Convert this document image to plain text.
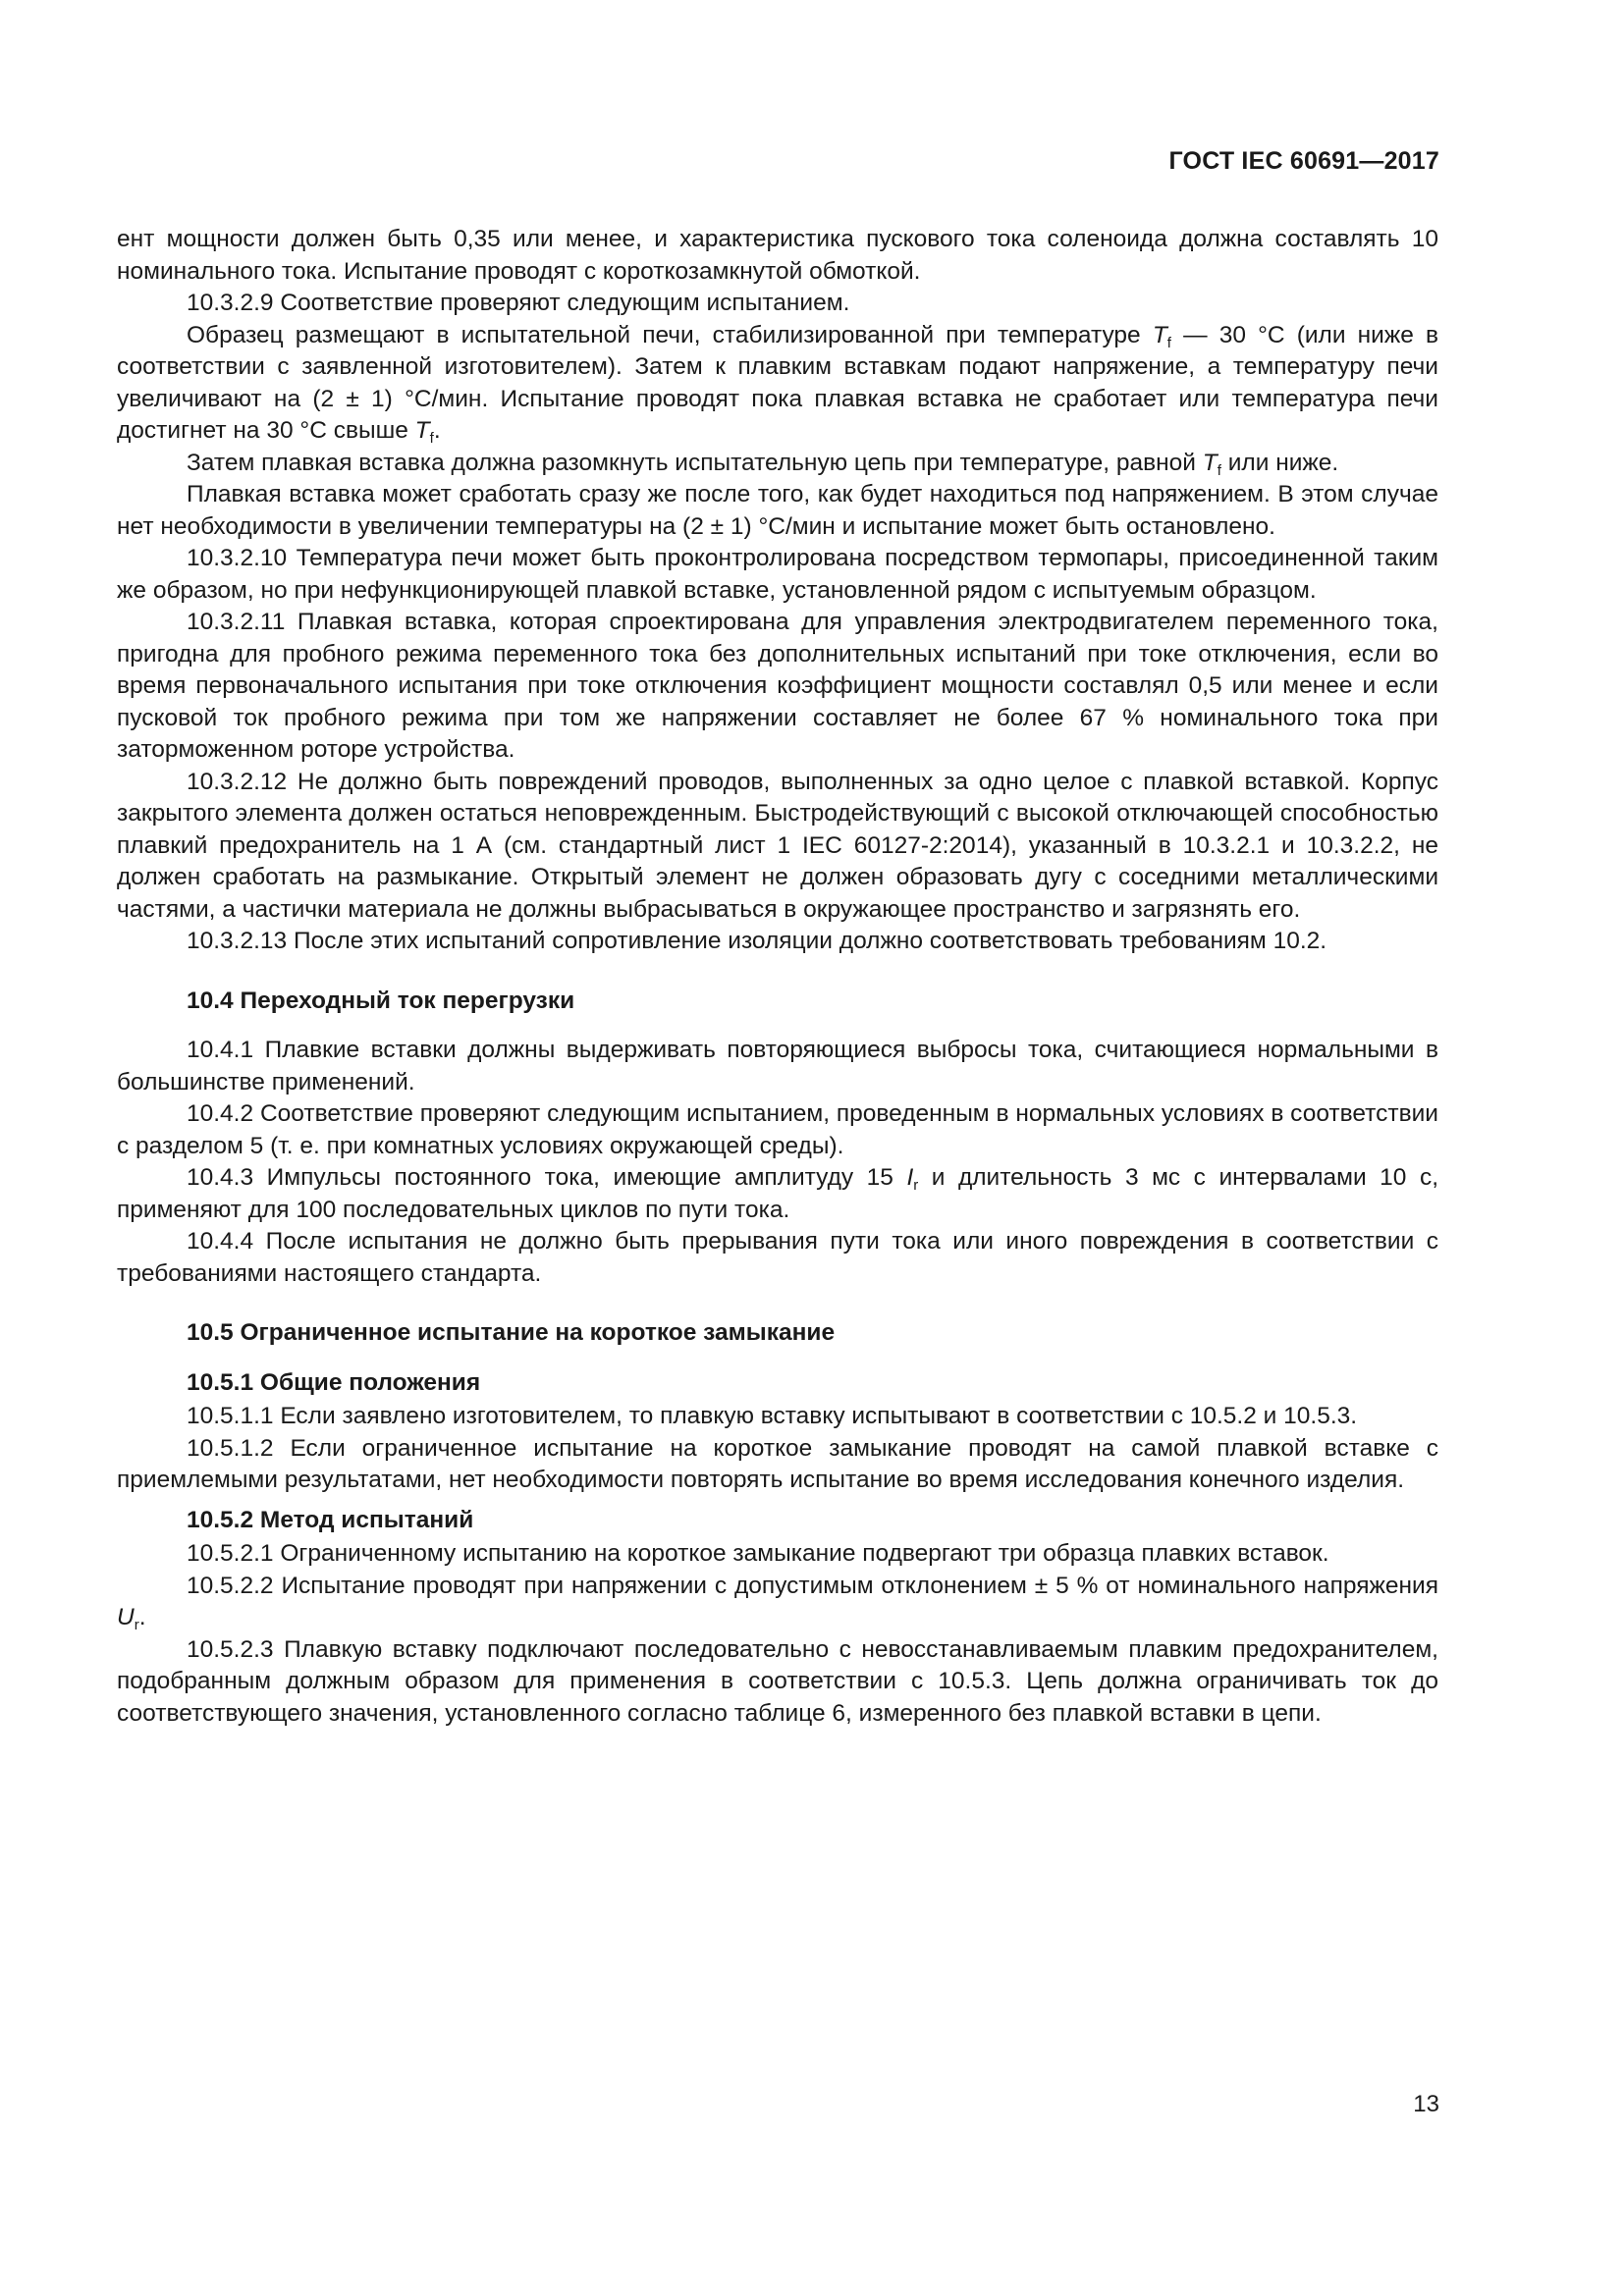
ГОСТ IEC 60691—2017

ент мощности должен быть 0,35 или менее, и характеристика пускового тока соленоида должна составлять 10 номинального тока. Испытание проводят с короткозамкнутой обмоткой.

10.3.2.9 Соответствие проверяют следующим испытанием.

Образец размещают в испытательной печи, стабилизированной при температуре $T_f$ — 30 °С (или ниже в соответствии с заявленной изготовителем). Затем к плавким вставкам подают напряжение, а температуру печи увеличивают на (2 ± 1) °С/мин. Испытание проводят пока плавкая вставка не сработает или температура печи достигнет на 30 °С свыше $T_f$.

Затем плавкая вставка должна разомкнуть испытательную цепь при температуре, равной $T_f$ или ниже.

Плавкая вставка может сработать сразу же после того, как будет находиться под напряжением. В этом случае нет необходимости в увеличении температуры на (2 ± 1) °С/мин и испытание может быть остановлено.

10.3.2.10 Температура печи может быть проконтролирована посредством термопары, присоединенной таким же образом, но при нефункционирующей плавкой вставке, установленной рядом с испытуемым образцом.

10.3.2.11 Плавкая вставка, которая спроектирована для управления электродвигателем переменного тока, пригодна для пробного режима переменного тока без дополнительных испытаний при токе отключения, если во время первоначального испытания при токе отключения коэффициент мощности составлял 0,5 или менее и если пусковой ток пробного режима при том же напряжении составляет не более 67 % номинального тока при заторможенном роторе устройства.

10.3.2.12 Не должно быть повреждений проводов, выполненных за одно целое с плавкой вставкой. Корпус закрытого элемента должен остаться неповрежденным. Быстродействующий с высокой отключающей способностью плавкий предохранитель на 1 А (см. стандартный лист 1 IEC 60127-2:2014), указанный в 10.3.2.1 и 10.3.2.2, не должен сработать на размыкание. Открытый элемент не должен образовать дугу с соседними металлическими частями, а частички материала не должны выбрасываться в окружающее пространство и загрязнять его.

10.3.2.13 После этих испытаний сопротивление изоляции должно соответствовать требованиям 10.2.

10.4 Переходный ток перегрузки

10.4.1 Плавкие вставки должны выдерживать повторяющиеся выбросы тока, считающиеся нормальными в большинстве применений.

10.4.2 Соответствие проверяют следующим испытанием, проведенным в нормальных условиях в соответствии с разделом 5 (т. е. при комнатных условиях окружающей среды).

10.4.3 Импульсы постоянного тока, имеющие амплитуду 15 $I_r$ и длительность 3 мс с интервалами 10 с, применяют для 100 последовательных циклов по пути тока.

10.4.4 После испытания не должно быть прерывания пути тока или иного повреждения в соответствии с требованиями настоящего стандарта.

10.5 Ограниченное испытание на короткое замыкание

10.5.1 Общие положения

10.5.1.1 Если заявлено изготовителем, то плавкую вставку испытывают в соответствии с 10.5.2 и 10.5.3.

10.5.1.2 Если ограниченное испытание на короткое замыкание проводят на самой плавкой вставке с приемлемыми результатами, нет необходимости повторять испытание во время исследования конечного изделия.

10.5.2 Метод испытаний

10.5.2.1 Ограниченному испытанию на короткое замыкание подвергают три образца плавких вставок.

10.5.2.2 Испытание проводят при напряжении с допустимым отклонением ± 5 % от номинального напряжения $U_r$.

10.5.2.3 Плавкую вставку подключают последовательно с невосстанавливаемым плавким предохранителем, подобранным должным образом для применения в соответствии с 10.5.3. Цепь должна ограничивать ток до соответствующего значения, установленного согласно таблице 6, измеренного без плавкой вставки в цепи.

13
